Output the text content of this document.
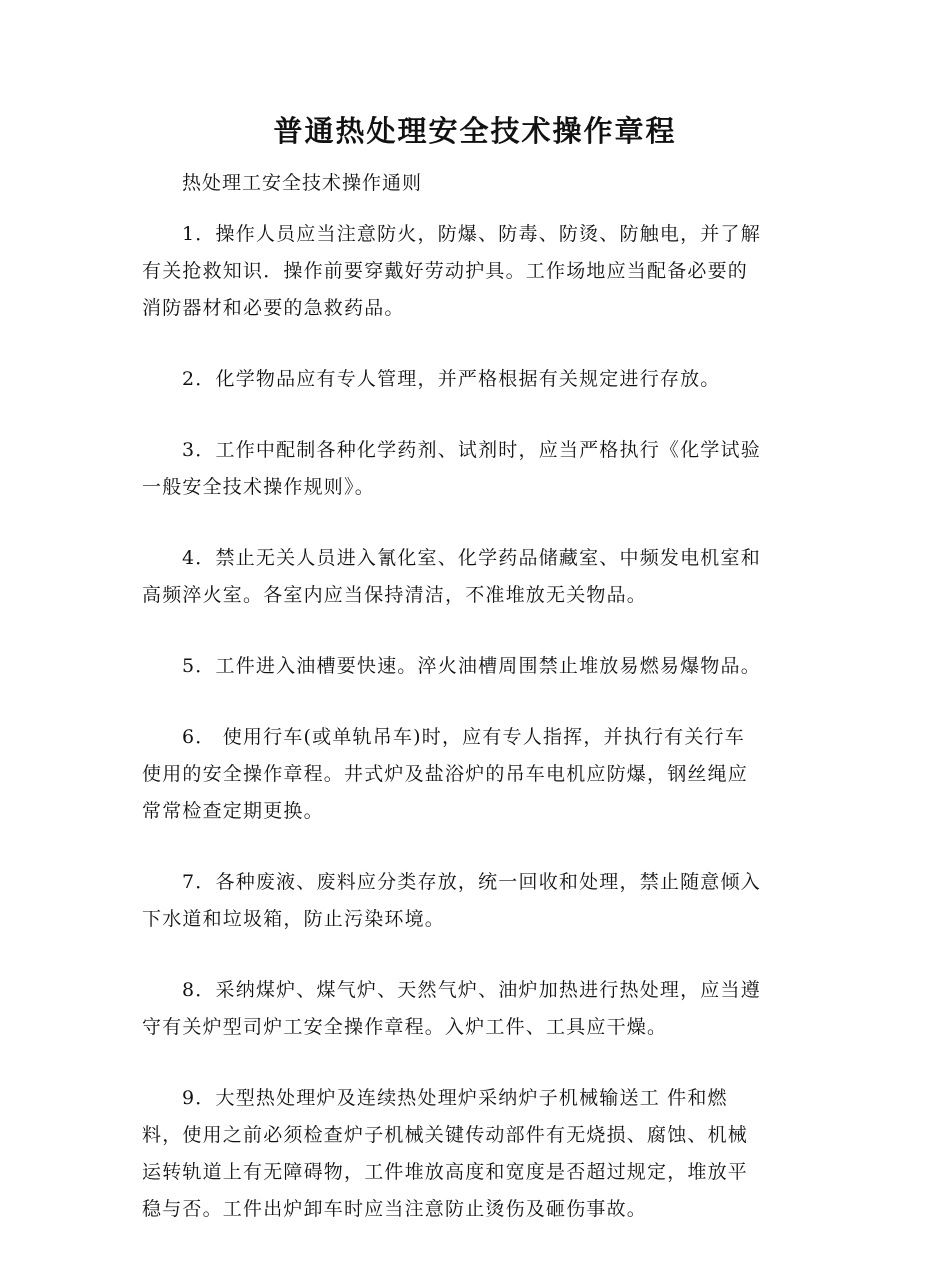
普通热处理安全技术操作章程
热处理工安全技术操作通则
1．操作人员应当注意防火，防爆、防毒、防烫、防触电，并了解
有关抢救知识．操作前要穿戴好劳动护具。工作场地应当配备必要的
消防器材和必要的急救药品。
2．化学物品应有专人管理，并严格根据有关规定进行存放。
3．工作中配制各种化学药剂、试剂时，应当严格执行《化学试验
一般安全技术操作规则》。
4．禁止无关人员进入氰化室、化学药品储藏室、中频发电机室和
高频淬火室。各室内应当保持清洁，不准堆放无关物品。
5．工件进入油槽要快速。淬火油槽周围禁止堆放易燃易爆物品。
6． 使用行车(或单轨吊车)时，应有专人指挥，并执行有关行车
使用的安全操作章程。井式炉及盐浴炉的吊车电机应防爆，钢丝绳应
常常检查定期更换。
7．各种废液、废料应分类存放，统一回收和处理，禁止随意倾入
下水道和垃圾箱，防止污染环境。
8．采纳煤炉、煤气炉、天然气炉、油炉加热进行热处理，应当遵
守有关炉型司炉工安全操作章程。入炉工件、工具应干燥。
9．大型热处理炉及连续热处理炉采纳炉子机械输送工 件和燃
料，使用之前必须检查炉子机械关键传动部件有无烧损、腐蚀、机械
运转轨道上有无障碍物，工件堆放高度和宽度是否超过规定，堆放平
稳与否。工件出炉卸车时应当注意防止烫伤及砸伤事故。
